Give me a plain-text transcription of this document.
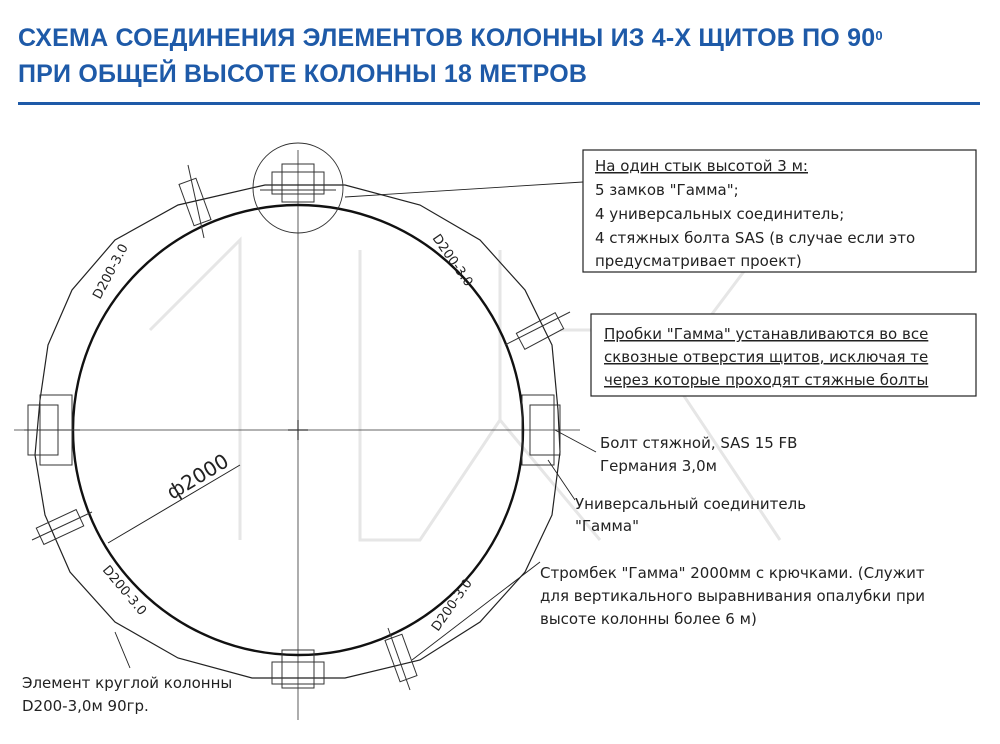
СХЕМА СОЕДИНЕНИЯ ЭЛЕМЕНТОВ КОЛОННЫ ИЗ 4-Х ЩИТОВ ПО $90^0$
ПРИ ОБЩЕЙ ВЫСОТЕ КОЛОННЫ 18 МЕТРОВ
ф2000
D200-3.0	D200-3.0
D200-3.0	D200-3.0
На один стык высотой 3 м:
5 замков "Гамма";
4 универсальных соединитель;
4 стяжных болта SAS (в случае если это
предусматривает проект)
Пробки "Гамма" устанавливаются во все
сквозные отверстия щитов, исключая те
через которые проходят стяжные болты
Болт стяжной, SAS 15 FB
Германия 3,0м
Универсальный соединитель
"Гамма"
Стромбек "Гамма" 2000мм с крючками. (Служит
для вертикального выравнивания опалубки при
высоте колонны более 6 м)
Элемент круглой колонны
D200-3,0м 90гр.
